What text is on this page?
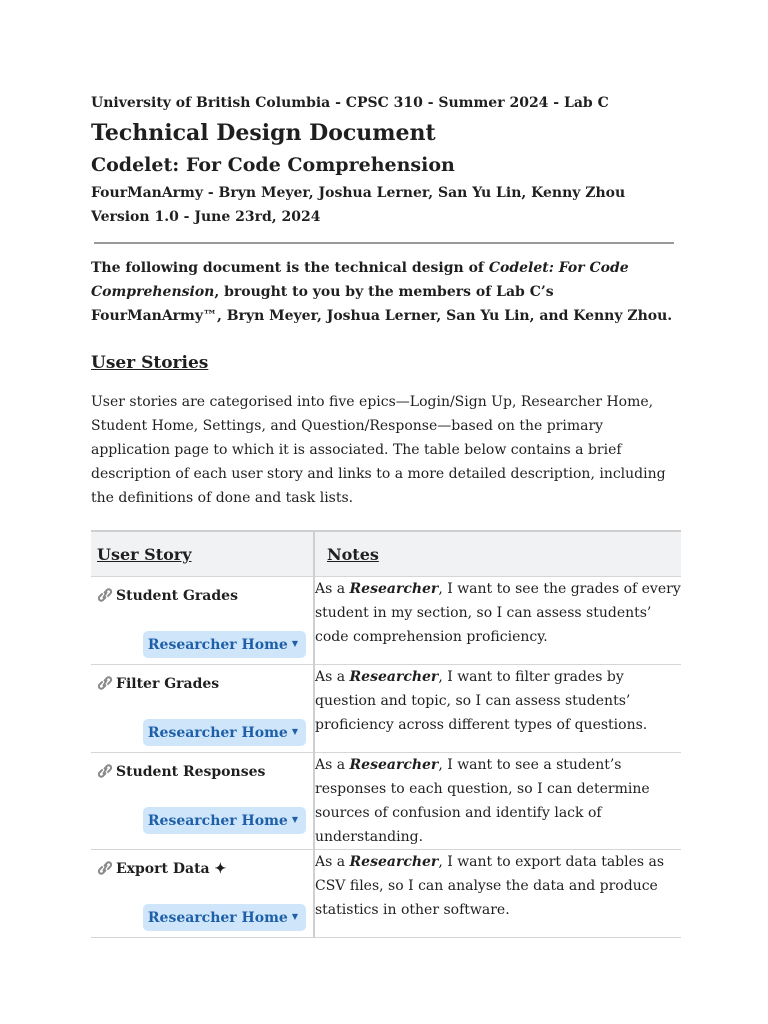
University of British Columbia - CPSC 310 - Summer 2024 - Lab C

Technical Design Document
Codelet: For Code Comprehension

FourManArmy - Bryn Meyer, Joshua Lerner, San Yu Lin, Kenny Zhou

Version 1.0 - June 23rd, 2024

The following document is the technical design of Codelet: For Code Comprehension, brought to you by the members of Lab C’s FourManArmy™, Bryn Meyer, Joshua Lerner, San Yu Lin, and Kenny Zhou.

User Stories

User stories are categorised into five epics—Login/Sign Up, Researcher Home, Student Home, Settings, and Question/Response—based on the primary application page to which it is associated. The table below contains a brief description of each user story and links to a more detailed description, including the definitions of done and task lists.

User Story	Notes

Student Grades
Researcher Home ▼	As a Researcher, I want to see the grades of every student in my section, so I can assess students’ code comprehension proficiency.

Filter Grades
Researcher Home ▼	As a Researcher, I want to filter grades by question and topic, so I can assess students’ proficiency across different types of questions.

Student Responses
Researcher Home ▼	As a Researcher, I want to see a student’s responses to each question, so I can determine sources of confusion and identify lack of understanding.

Export Data ✦
Researcher Home ▼	As a Researcher, I want to export data tables as CSV files, so I can analyse the data and produce statistics in other software.
